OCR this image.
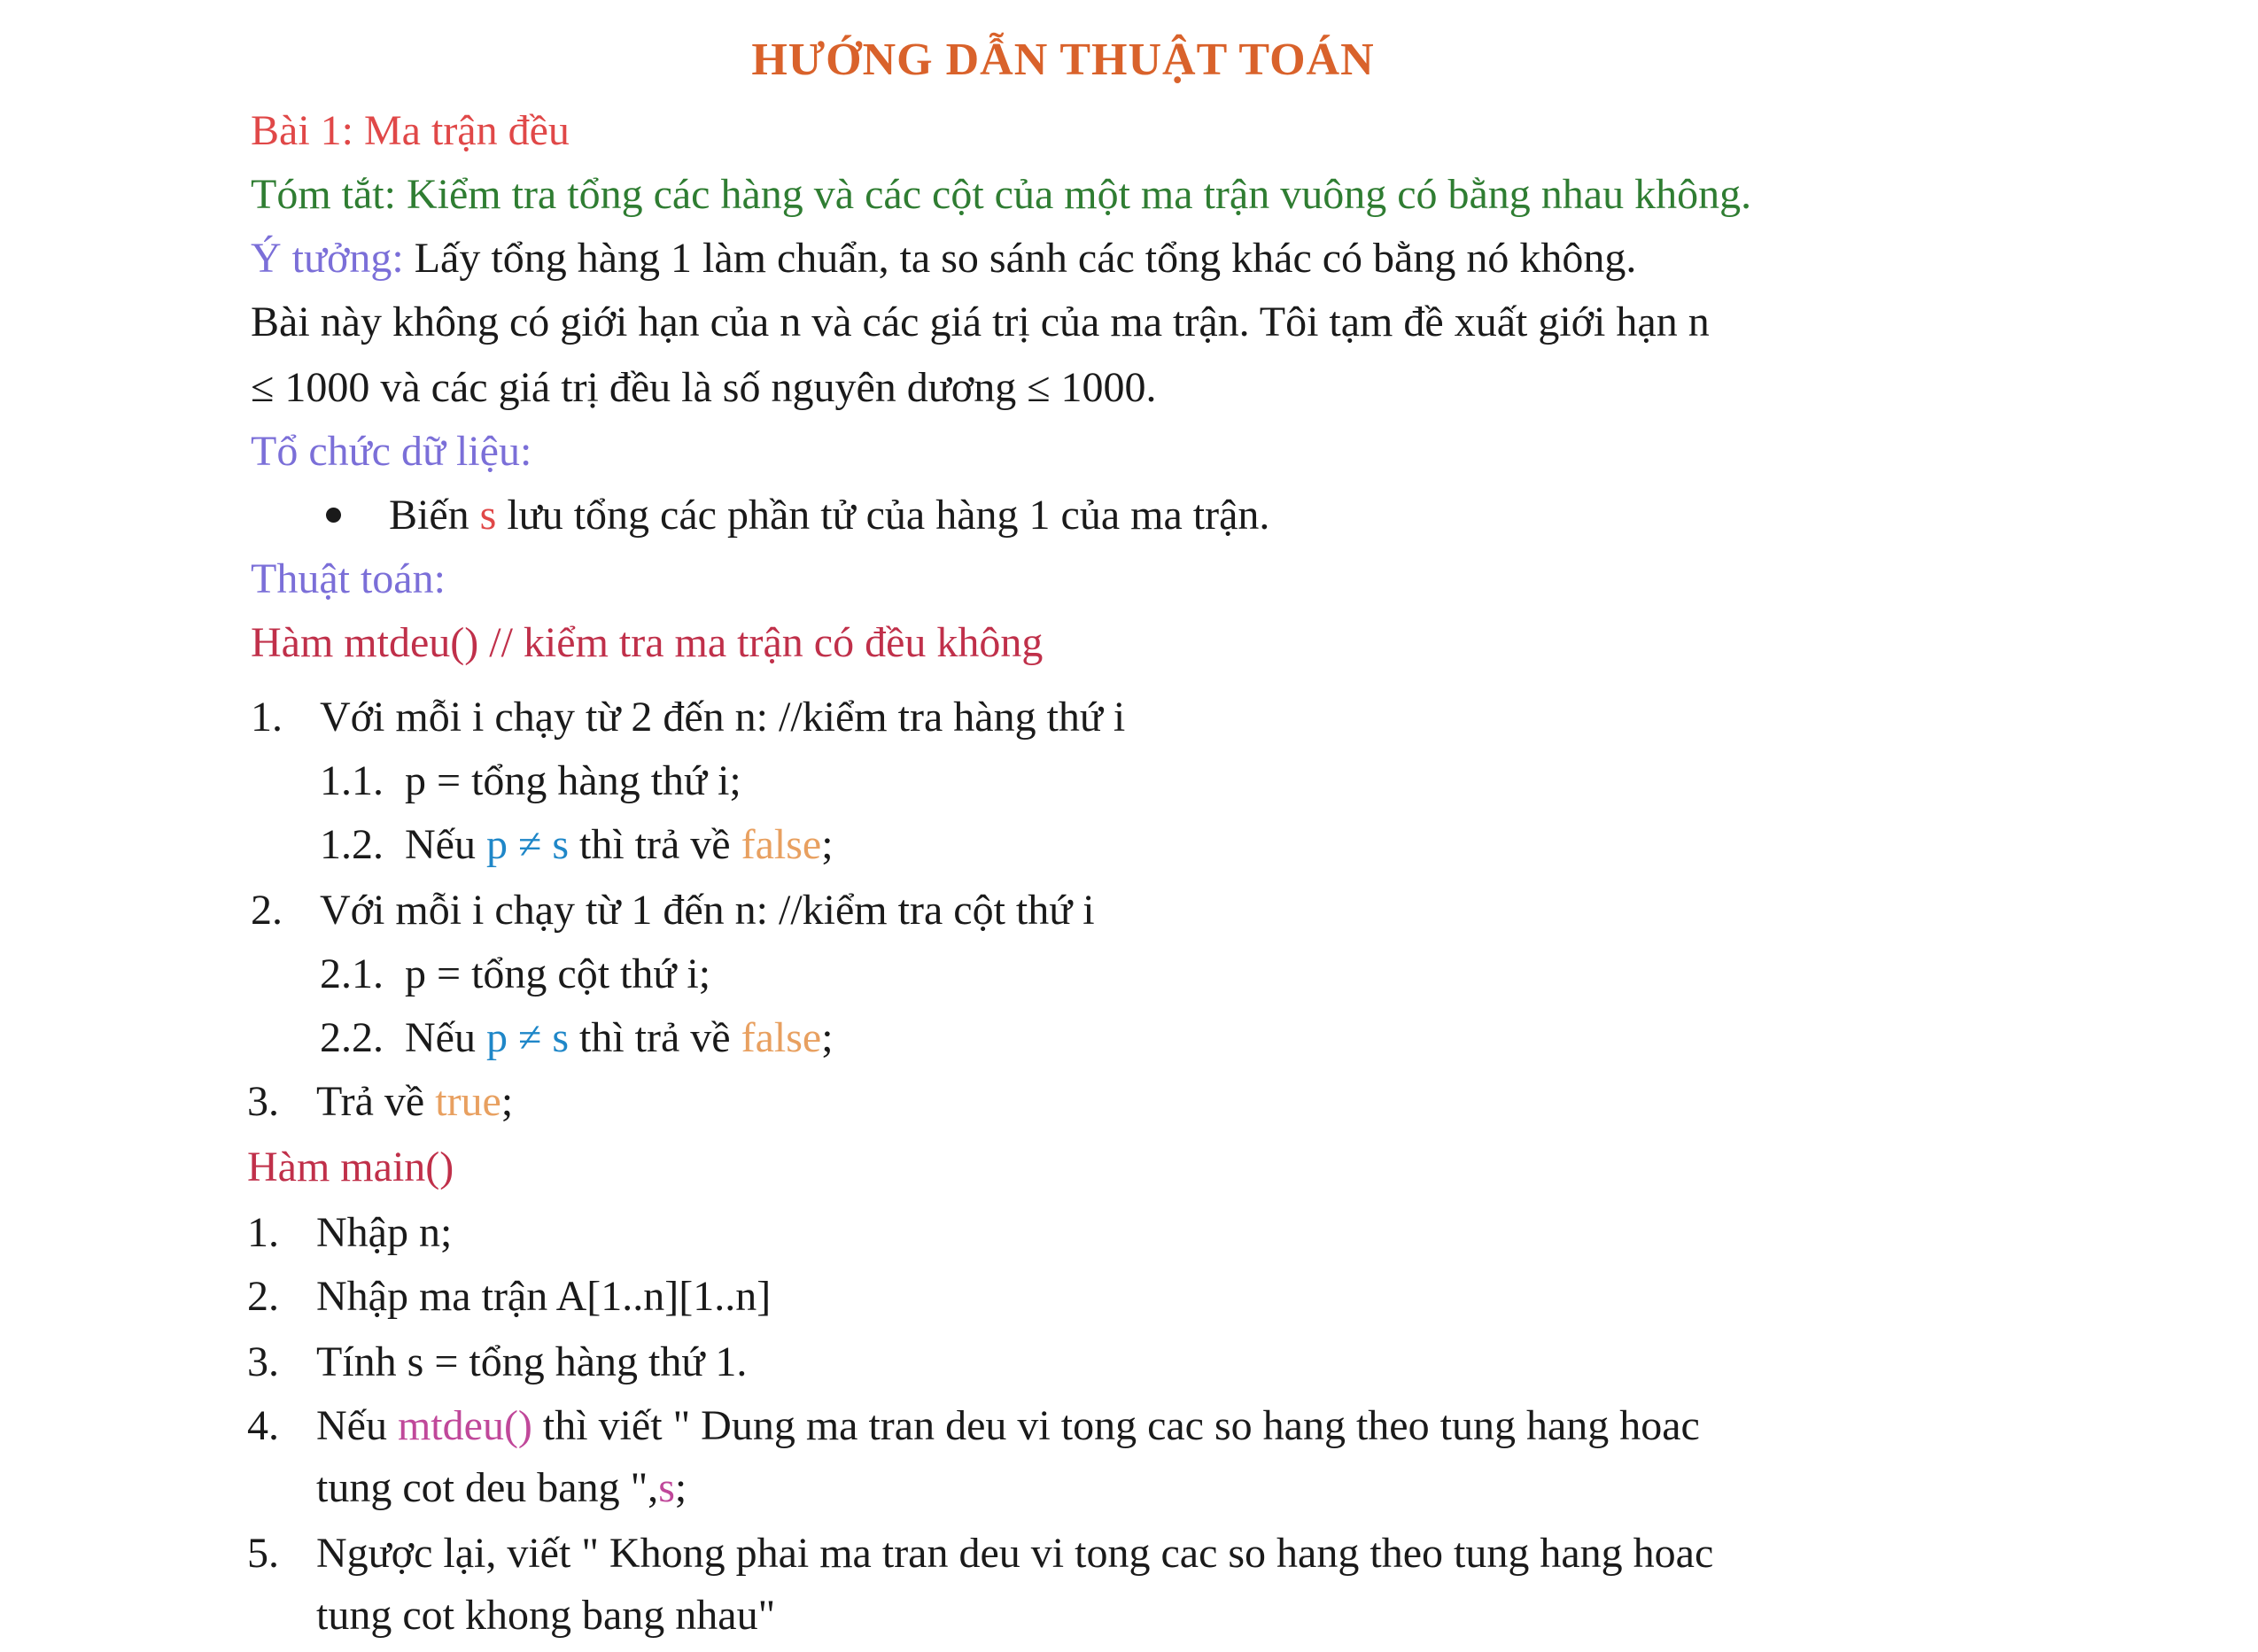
HƯỚNG DẪN THUẬT TOÁN
Bài 1: Ma trận đều
Tóm tắt: Kiểm tra tổng các hàng và các cột của một ma trận vuông có bằng nhau không.
Ý tưởng: Lấy tổng hàng 1 làm chuẩn, ta so sánh các tổng khác có bằng nó không.
Bài này không có giới hạn của n và các giá trị của ma trận. Tôi tạm đề xuất giới hạn n
≤ 1000 và các giá trị đều là số nguyên dương ≤ 1000.
Tổ chức dữ liệu:
Biến s lưu tổng các phần tử của hàng 1 của ma trận.
Thuật toán:
Hàm mtdeu() // kiểm tra ma trận có đều không
1. Với mỗi i chạy từ 2 đến n: //kiểm tra hàng thứ i
1.1. p = tổng hàng thứ i;
1.2. Nếu p ≠ s thì trả về false;
2. Với mỗi i chạy từ 1 đến n: //kiểm tra cột thứ i
2.1. p = tổng cột thứ i;
2.2. Nếu p ≠ s thì trả về false;
3. Trả về true;
Hàm main()
1. Nhập n;
2. Nhập ma trận A[1..n][1..n]
3. Tính s = tổng hàng thứ 1.
4. Nếu mtdeu() thì viết " Dung ma tran deu vi tong cac so hang theo tung hang hoac
tung cot deu bang ",s;
5. Ngược lại, viết " Khong phai ma tran deu vi tong cac so hang theo tung hang hoac
tung cot khong bang nhau"
